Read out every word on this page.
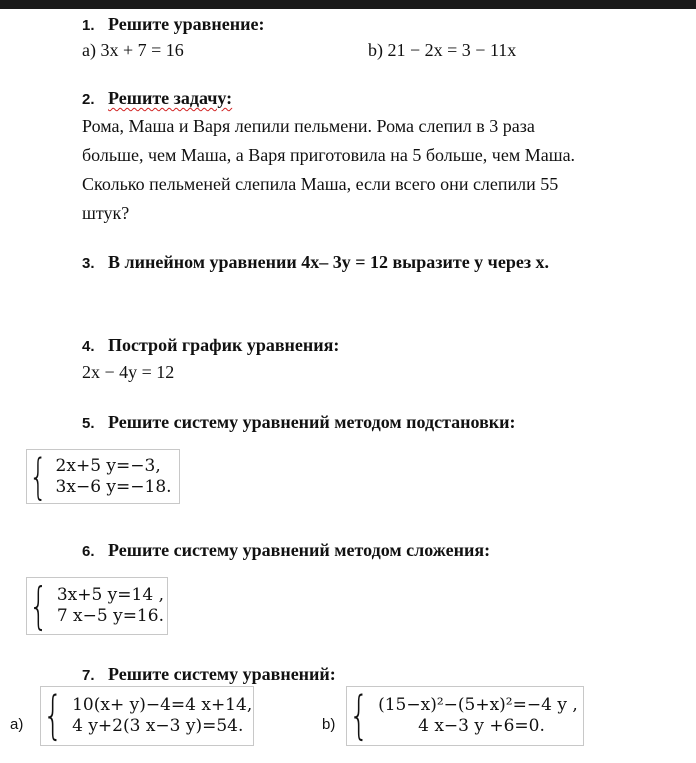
1. Решите уравнение:
а) 3x + 7 = 16	b) 21 − 2x = 3 − 11x
2. Решите задачу:
Рома, Маша и Варя лепили пельмени. Рома слепил в 3 раза
больше, чем Маша, а Варя приготовила на 5 больше, чем Маша.
Сколько пельменей слепила Маша, если всего они слепили 55
штук?
3. В линейном уравнении 4x– 3y = 12 выразите y через x.
4. Построй график уравнения:
2x − 4y = 12
5. Решите систему уравнений методом подстановки:
{ 2x+5 y=−3,
3x−6 y=−18.
6. Решите систему уравнений методом сложения:
{ 3x+5 y=14 ,
7 x−5 y=16.
7. Решите систему уравнений:
а) { 10(x+ y)−4=4 x+14,
4 y+2(3 x−3 y)=54.	b) { (15−x)²−(5+x)²=−4 y ,
4 x−3 y +6=0.
